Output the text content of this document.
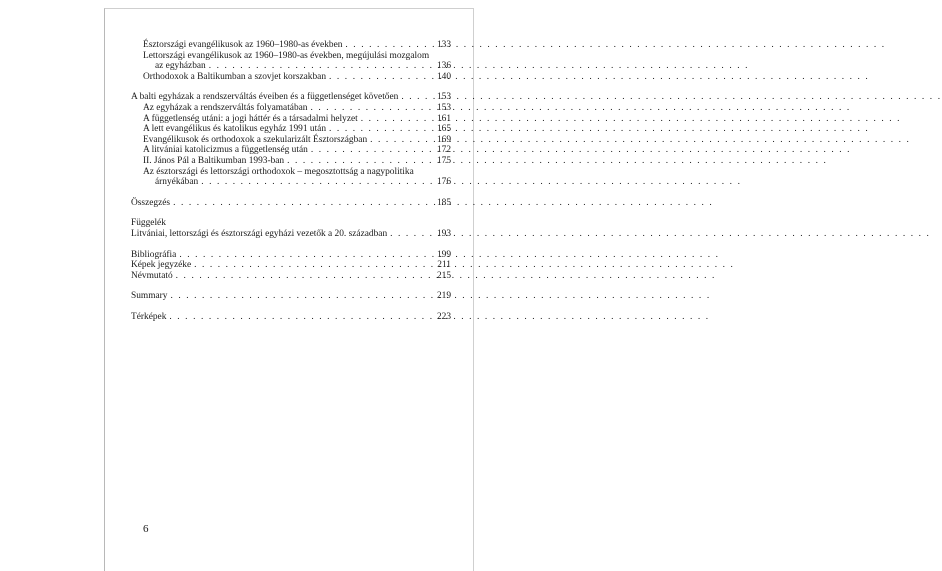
Észtországi evangélikusok az 1960–1980-as években . . .	133
Lettországi evangélikusok az 1960–1980-as években, megújulási mozgalom
az egyházban . . .	136
Orthodoxok a Baltikumban a szovjet korszakban . . .	140
A balti egyházak a rendszerváltás éveiben és a függetlenséget követően . . .	153
Az egyházak a rendszerváltás folyamatában . . .	153
A függetlenség utáni: a jogi háttér és a társadalmi helyzet . . .	161
A lett evangélikus és katolikus egyház 1991 után . . .	165
Evangélikusok és orthodoxok a szekularizált Észtországban . . .	169
A litvániai katolicizmus a függetlenség után . . .	172
II. János Pál a Baltikumban 1993-ban . . .	175
Az észtországi és lettországi orthodoxok – megosztottság a nagypolitika
árnyékában . . .	176
Összegzés . . .	185
Függelék
Litvániai, lettországi és észtországi egyházi vezetők a 20. században . . .	193
Bibliográfia . . .	199
Képek jegyzéke . . .	211
Névmutató . . .	215
Summary . . .	219
Térképek . . .	223
6
